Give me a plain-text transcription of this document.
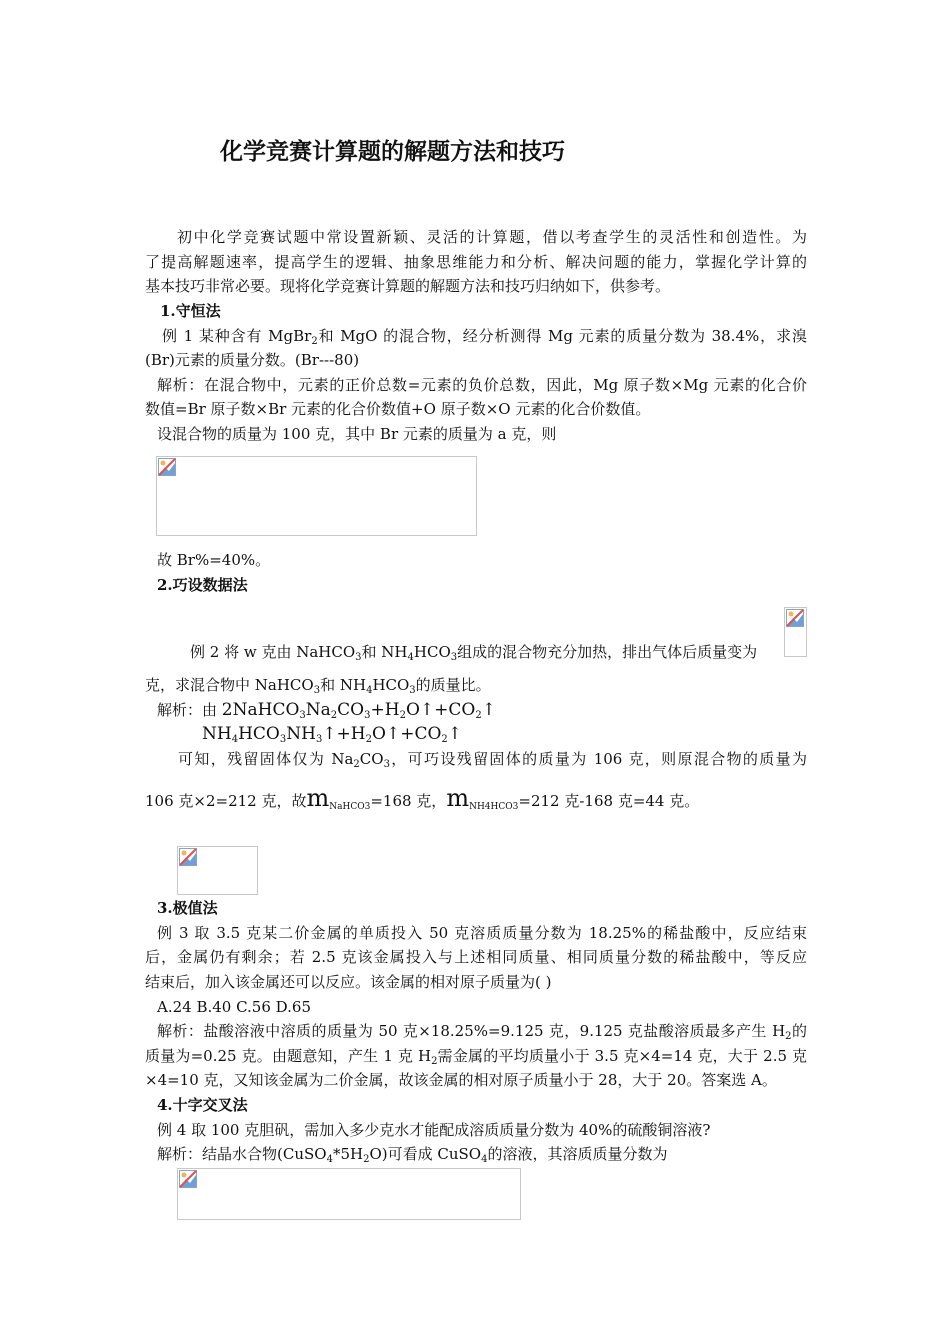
化学竞赛计算题的解题方法和技巧
初中化学竞赛试题中常设置新颖、灵活的计算题，借以考查学生的灵活性和创造性。为
了提高解题速率，提高学生的逻辑、抽象思维能力和分析、解决问题的能力，掌握化学计算的
基本技巧非常必要。现将化学竞赛计算题的解题方法和技巧归纳如下，供参考。
1.守恒法
例 1 某种含有 MgBr$_2$和 MgO 的混合物，经分析测得 Mg 元素的质量分数为 38.4%，求溴
(Br)元素的质量分数。(Br---80)
解析：在混合物中，元素的正价总数=元素的负价总数，因此，Mg 原子数×Mg 元素的化合价
数值=Br 原子数×Br 元素的化合价数值+O 原子数×O 元素的化合价数值。
设混合物的质量为 100 克，其中 Br 元素的质量为 a 克，则
故 Br%=40%。
2.巧设数据法
例 2 将 w 克由 NaHCO$_3$和 $NH_4HCO_3$组成的混合物充分加热，排出气体后质量变为
克，求混合物中 NaHCO$_3$和 $NH_4HCO_3$的质量比。
解析：由 $2NaHCO_3Na_2CO_3+H_2O↑+CO_2↑$
$NH_4HCO_3NH_3↑+H_2O↑+CO_2↑$
可知，残留固体仅为 $Na_2CO_3$，可巧设残留固体的质量为 106 克，则原混合物的质量为
106 克×2=212 克，故$m_{NaHCO3}=168$ 克，$m_{NH4HCO3}=212$ 克-168 克=44 克。
3.极值法
例 3 取 3.5 克某二价金属的单质投入 50 克溶质质量分数为 18.25%的稀盐酸中，反应结束
后，金属仍有剩余；若 2.5 克该金属投入与上述相同质量、相同质量分数的稀盐酸中，等反应
结束后，加入该金属还可以反应。该金属的相对原子质量为( )
A.24 B.40 C.56 D.65
解析：盐酸溶液中溶质的质量为 50 克×18.25%=9.125 克，9.125 克盐酸溶质最多产生 $H_2$的
质量为=0.25 克。由题意知，产生 1 克 $H_2$需金属的平均质量小于 3.5 克×4=14 克，大于 2.5 克
×4=10 克，又知该金属为二价金属，故该金属的相对原子质量小于 28，大于 20。答案选 A。
4.十字交叉法
例 4 取 100 克胆矾，需加入多少克水才能配成溶质质量分数为 40%的硫酸铜溶液?
解析：结晶水合物$(CuSO_4*5H_2O)$可看成 CuSO$_4$的溶液，其溶质质量分数为
